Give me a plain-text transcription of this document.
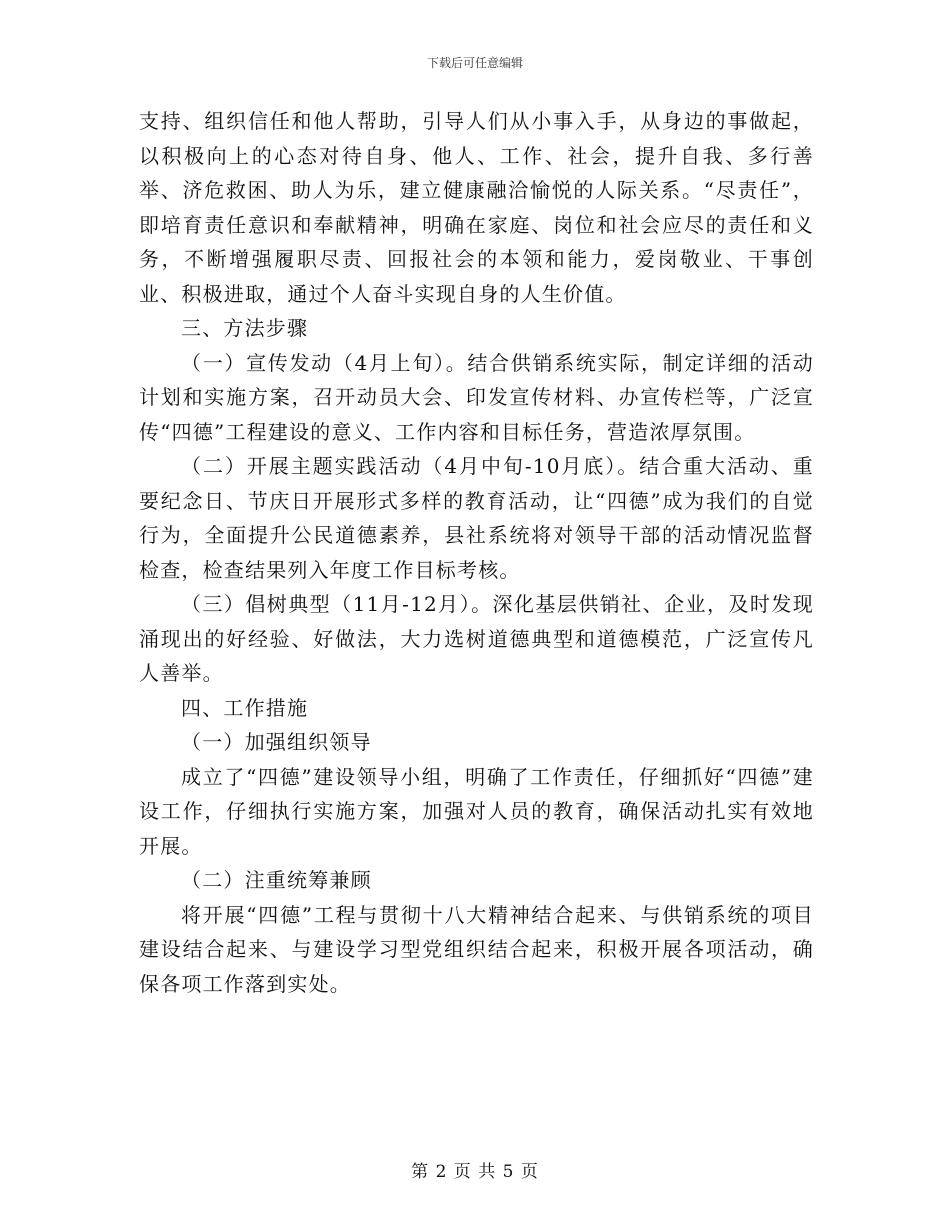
下载后可任意编辑

支持、组织信任和他人帮助，引导人们从小事入手，从身边的事做起，以积极向上的心态对待自身、他人、工作、社会，提升自我、多行善举、济危救困、助人为乐，建立健康融洽愉悦的人际关系。“尽责任”，即培育责任意识和奉献精神，明确在家庭、岗位和社会应尽的责任和义务，不断增强履职尽责、回报社会的本领和能力，爱岗敬业、干事创业、积极进取，通过个人奋斗实现自身的人生价值。

三、方法步骤

（一）宣传发动（4月上旬）。结合供销系统实际，制定详细的活动计划和实施方案，召开动员大会、印发宣传材料、办宣传栏等，广泛宣传“四德”工程建设的意义、工作内容和目标任务，营造浓厚氛围。

（二）开展主题实践活动（4月中旬-10月底）。结合重大活动、重要纪念日、节庆日开展形式多样的教育活动，让“四德”成为我们的自觉行为，全面提升公民道德素养，县社系统将对领导干部的活动情况监督检查，检查结果列入年度工作目标考核。

（三）倡树典型（11月-12月）。深化基层供销社、企业，及时发现涌现出的好经验、好做法，大力选树道德典型和道德模范，广泛宣传凡人善举。

四、工作措施

（一）加强组织领导

成立了“四德”建设领导小组，明确了工作责任，仔细抓好“四德”建设工作，仔细执行实施方案，加强对人员的教育，确保活动扎实有效地开展。

（二）注重统筹兼顾

将开展“四德”工程与贯彻十八大精神结合起来、与供销系统的项目建设结合起来、与建设学习型党组织结合起来，积极开展各项活动，确保各项工作落到实处。

第 2 页 共 5 页
